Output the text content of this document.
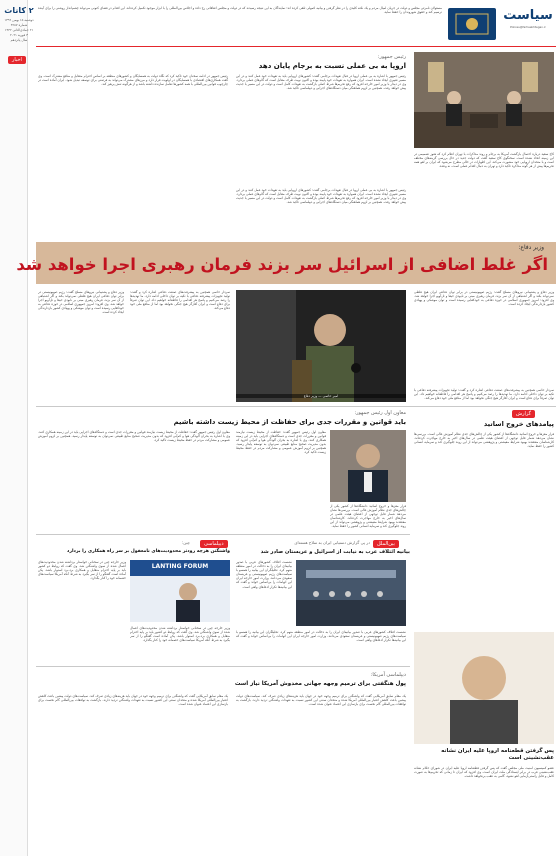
۲ کانات
دوشنبه ۱۵ بهمن ۱۳۹۹
شماره ۳۶۸۷
۲۱ جمادی‌الثانی ۱۴۴۲
۳ فوریه ۲۰۲۱
سال پانزدهم
سیاست
Polices@farheekhtegan.ir
مسئولان نامرئی مجلس و دولت در جریان امیال مردم و یک نکته کلیدی را در نظر گرفتن و بیانیه اصولی تلقی کرده اند؛ نمایندگان به این نتیجه رسیدند که در دولت و مجلس اتفاقاتی رخ داده و اجلاس بین‌المللی را با ابزار موجود تکمیل کرده‌اند. این اقدام در فضای کنونی می‌تواند چشم‌انداز روشنی را برای آینده ترسیم کند و حقوق شهروندان را حفظ نماید.
رئیس جمهور:
اروپا به بی عملی نسبت به برجام پایان دهد
اخبار
رئیس جمهور با اشاره به بی عملی اروپا در قبال تعهدات برجامی گفت: کشورهای اروپایی باید به تعهدات خود عمل کنند و در این مسیر تغییری ایجاد نشده است. ایران همواره به تعهدات خود پایبند بوده و اکنون نوبت طرف مقابل است که گام‌های عملی بردارد. وی در دیدار با وزیر امور خارجه افزود که رفع تحریم‌ها شرط اصلی بازگشت به تعهدات کامل است و دولت در این مسیر با جدیت پیش خواهد رفت. همچنین بر لزوم هماهنگی میان دستگاه‌های اجرایی و دیپلماسی تاکید شد.
رئیس جمهور در ادامه سخنان خود تاکید کرد که نگاه دولت به همسایگان و کشورهای منطقه بر اساس احترام متقابل و منافع مشترک است. وی گفت همکاری‌های اقتصادی با همسایگان در اولویت قرار دارد و مرزهای مشترک می‌تواند به فرصتی برای توسعه تبدیل شود. ایران آماده است در چارچوب قوانین بین‌المللی با همه کشورها تعامل سازنده داشته باشد و از هرگونه تنش پرهیز کند.
کاخ سفید درباره احتمال بازگشت آمریکا به برجام و روند مذاکرات با تهران اعلام کرد که هنوز تصمیمی در این زمینه اتخاذ نشده است. سخنگوی کاخ سفید گفت که دولت جدید در حال بررسی گزینه‌های مختلف است و با متحدان اروپایی خود مشورت می‌کند. این اظهارات در حالی مطرح می‌شود که ایران بر لغو همه تحریم‌ها پیش از هر گونه مذاکره تاکید دارد و تهران به دنبال اقدام عملی است، نه وعده.
رئیس جمهور با اشاره به بی عملی اروپا در قبال تعهدات برجامی گفت: کشورهای اروپایی باید به تعهدات خود عمل کنند و در این مسیر تغییری ایجاد نشده است. ایران همواره به تعهدات خود پایبند بوده و اکنون نوبت طرف مقابل است که گام‌های عملی بردارد. وی در دیدار با وزیر امور خارجه افزود که رفع تحریم‌ها شرط اصلی بازگشت به تعهدات کامل است و دولت در این مسیر با جدیت پیش خواهد رفت. همچنین بر لزوم هماهنگی میان دستگاه‌های اجرایی و دیپلماسی تاکید شد.
وزیر دفاع:
اگر غلط اضافی از اسرائیل سر بزند فرمان رهبری اجرا خواهد شد
وزیر دفاع و پشتیبانی نیروهای مسلح گفت: رژیم صهیونیستی در برابر توان دفاعی ایران هیچ غلطی نمی‌تواند بکند و اگر اشتباهی از آن سر بزند، فرمان رهبری مبنی بر نابودی حیفا و تل‌آویو اجرا خواهد شد. وی افزود: امروز جمهوری اسلامی در حوزه دفاعی به خودکفایی رسیده است و توان موشکی و پهپادی کشور بازدارندگی ایجاد کرده است.
امیر حاتمی — وزیر دفاع
سردار حاتمی همچنین به پیشرفت‌های صنعت دفاعی اشاره کرد و گفت: تولید تجهیزات پیشرفته دفاعی با تکیه بر توان داخلی ادامه دارد. ما تهدیدها را رصد می‌کنیم و پاسخ هر اقدامی را قاطعانه خواهیم داد. این توان صرفاً برای دفاع است و ایران آغازگر هیچ جنگی نخواهد بود اما از منافع ملی خود دفاع می‌کند.
وزیر دفاع و پشتیبانی نیروهای مسلح گفت: رژیم صهیونیستی در برابر توان دفاعی ایران هیچ غلطی نمی‌تواند بکند و اگر اشتباهی از آن سر بزند، فرمان رهبری مبنی بر نابودی حیفا و تل‌آویو اجرا خواهد شد. وی افزود: امروز جمهوری اسلامی در حوزه دفاعی به خودکفایی رسیده است و توان موشکی و پهپادی کشور بازدارندگی ایجاد کرده است.
سردار حاتمی همچنین به پیشرفت‌های صنعت دفاعی اشاره کرد و گفت: تولید تجهیزات پیشرفته دفاعی با تکیه بر توان داخلی ادامه دارد. ما تهدیدها را رصد می‌کنیم و پاسخ هر اقدامی را قاطعانه خواهیم داد. این توان صرفاً برای دفاع است و ایران آغازگر هیچ جنگی نخواهد بود اما از منافع ملی خود دفاع می‌کند.
گزارش
پیامدهای خروج اساتید
فرار مغزها و خروج اساتید دانشگاه‌ها از کشور یکی از چالش‌های جدی نظام آموزش عالی است. بررسی‌ها نشان می‌دهد شمار قابل توجهی از اعضای هیئت علمی در سال‌های اخیر به خارج مهاجرت کرده‌اند. کارشناسان معتقدند بهبود شرایط معیشتی و پژوهشی می‌تواند از این روند جلوگیری کند و سرمایه انسانی کشور را حفظ نماید.
معاون اول رئیس جمهور:
باید قوانین و مقررات جدی برای حفاظت از محیط زیست داشته باشیم
معاون اول رئیس جمهور گفت: حفاظت از محیط زیست نیازمند قوانین و مقررات جدی است و دستگاه‌های اجرایی باید در این زمینه همکاری کنند. وی با اشاره به بحران آلودگی هوا و کم‌آبی افزود که بدون مدیریت صحیح منابع طبیعی نمی‌توان به توسعه پایدار رسید. همچنین بر لزوم آموزش عمومی و مشارکت مردم در حفظ محیط زیست تاکید کرد.
معاون اول رئیس جمهور گفت: حفاظت از محیط زیست نیازمند قوانین و مقررات جدی است و دستگاه‌های اجرایی باید در این زمینه همکاری کنند. وی با اشاره به بحران آلودگی هوا و کم‌آبی افزود که بدون مدیریت صحیح منابع طبیعی نمی‌توان به توسعه پایدار رسید. همچنین بر لزوم آموزش عمومی و مشارکت مردم در حفظ محیط زیست تاکید کرد.
فرار مغزها و خروج اساتید دانشگاه‌ها از کشور یکی از چالش‌های جدی نظام آموزش عالی است. بررسی‌ها نشان می‌دهد شمار قابل توجهی از اعضای هیئت علمی در سال‌های اخیر به خارج مهاجرت کرده‌اند. کارشناسان معتقدند بهبود شرایط معیشتی و پژوهشی می‌تواند از این روند جلوگیری کند و سرمایه انسانی کشور را حفظ نماید.
بین‌الملل
در پی گزارش دستیابی ایران به سلاح هسته‌ای
بیانیه ائتلاف عرب به نیابت از اسرائیل و عربستان صادر شد
نشست ائتلاف کشورهای عربی با صدور بیانیه‌ای ایران را به دخالت در امور منطقه متهم کرد. تحلیلگران این بیانیه را همسو با سیاست‌های رژیم صهیونیستی و عربستان سعودی می‌دانند. وزارت امور خارجه ایران این اتهامات را بی‌اساس خواند و گفت که این بیانیه‌ها تکرار ادعاهای واهی است.
نشست ائتلاف کشورهای عربی با صدور بیانیه‌ای ایران را به دخالت در امور منطقه متهم کرد. تحلیلگران این بیانیه را همسو با سیاست‌های رژیم صهیونیستی و عربستان سعودی می‌دانند. وزارت امور خارجه ایران این اتهامات را بی‌اساس خواند و گفت که این بیانیه‌ها تکرار ادعاهای واهی است.
دیپلماسی
چین:
واشنگتن هرچه زودتر محدودیت‌های نامعقول بر سر راه همکاری را بردارد
LANTING FORUM
وزیر خارجه چین در سخنانی خواستار برداشته شدن محدودیت‌های اعمال شده از سوی واشنگتن شد. وی گفت که روابط دو کشور باید بر پایه احترام متقابل و همکاری برد-برد استوار باشد. پکن آماده است گفتگو را از سر بگیرد به شرط آنکه آمریکا سیاست‌های خصمانه خود را کنار بگذارد.
وزیر خارجه چین در سخنانی خواستار برداشته شدن محدودیت‌های اعمال شده از سوی واشنگتن شد. وی گفت که روابط دو کشور باید بر پایه احترام متقابل و همکاری برد-برد استوار باشد. پکن آماده است گفتگو را از سر بگیرد به شرط آنکه آمریکا سیاست‌های خصمانه خود را کنار بگذارد.
دیپلماسی آمریکا:
پول هنگفتی برای ترمیم وجهه جهانی مخدوش آمریکا نیاز است
یک مقام سابق آمریکایی گفت که واشنگتن برای ترمیم وجهه خود در جهان باید هزینه‌های زیادی صرف کند. سیاست‌های دولت پیشین باعث کاهش اعتبار بین‌المللی آمریکا شده و متحدان سنتی این کشور نسبت به تعهدات واشنگتن تردید دارند. بازگشت به توافقات بین‌المللی گام نخست برای بازسازی این اعتماد عنوان شده است.
یک مقام سابق آمریکایی گفت که واشنگتن برای ترمیم وجهه خود در جهان باید هزینه‌های زیادی صرف کند. سیاست‌های دولت پیشین باعث کاهش اعتبار بین‌المللی آمریکا شده و متحدان سنتی این کشور نسبت به تعهدات واشنگتن تردید دارند. بازگشت به توافقات بین‌المللی گام نخست برای بازسازی این اعتماد عنوان شده است.
پس گرفتن قطعنامه اروپا علیه ایران نشانه عقب‌نشینی است
عضو کمیسیون امنیت ملی مجلس گفت که پس گرفتن قطعنامه اروپا علیه ایران در شورای حکام نشانه عقب‌نشینی غرب در برابر ایستادگی ملت ایران است. وی افزود که ایران تا زمانی که تحریم‌ها به صورت کامل و قابل راستی‌آزمایی لغو نشود، گامی به عقب برنخواهد داشت.
